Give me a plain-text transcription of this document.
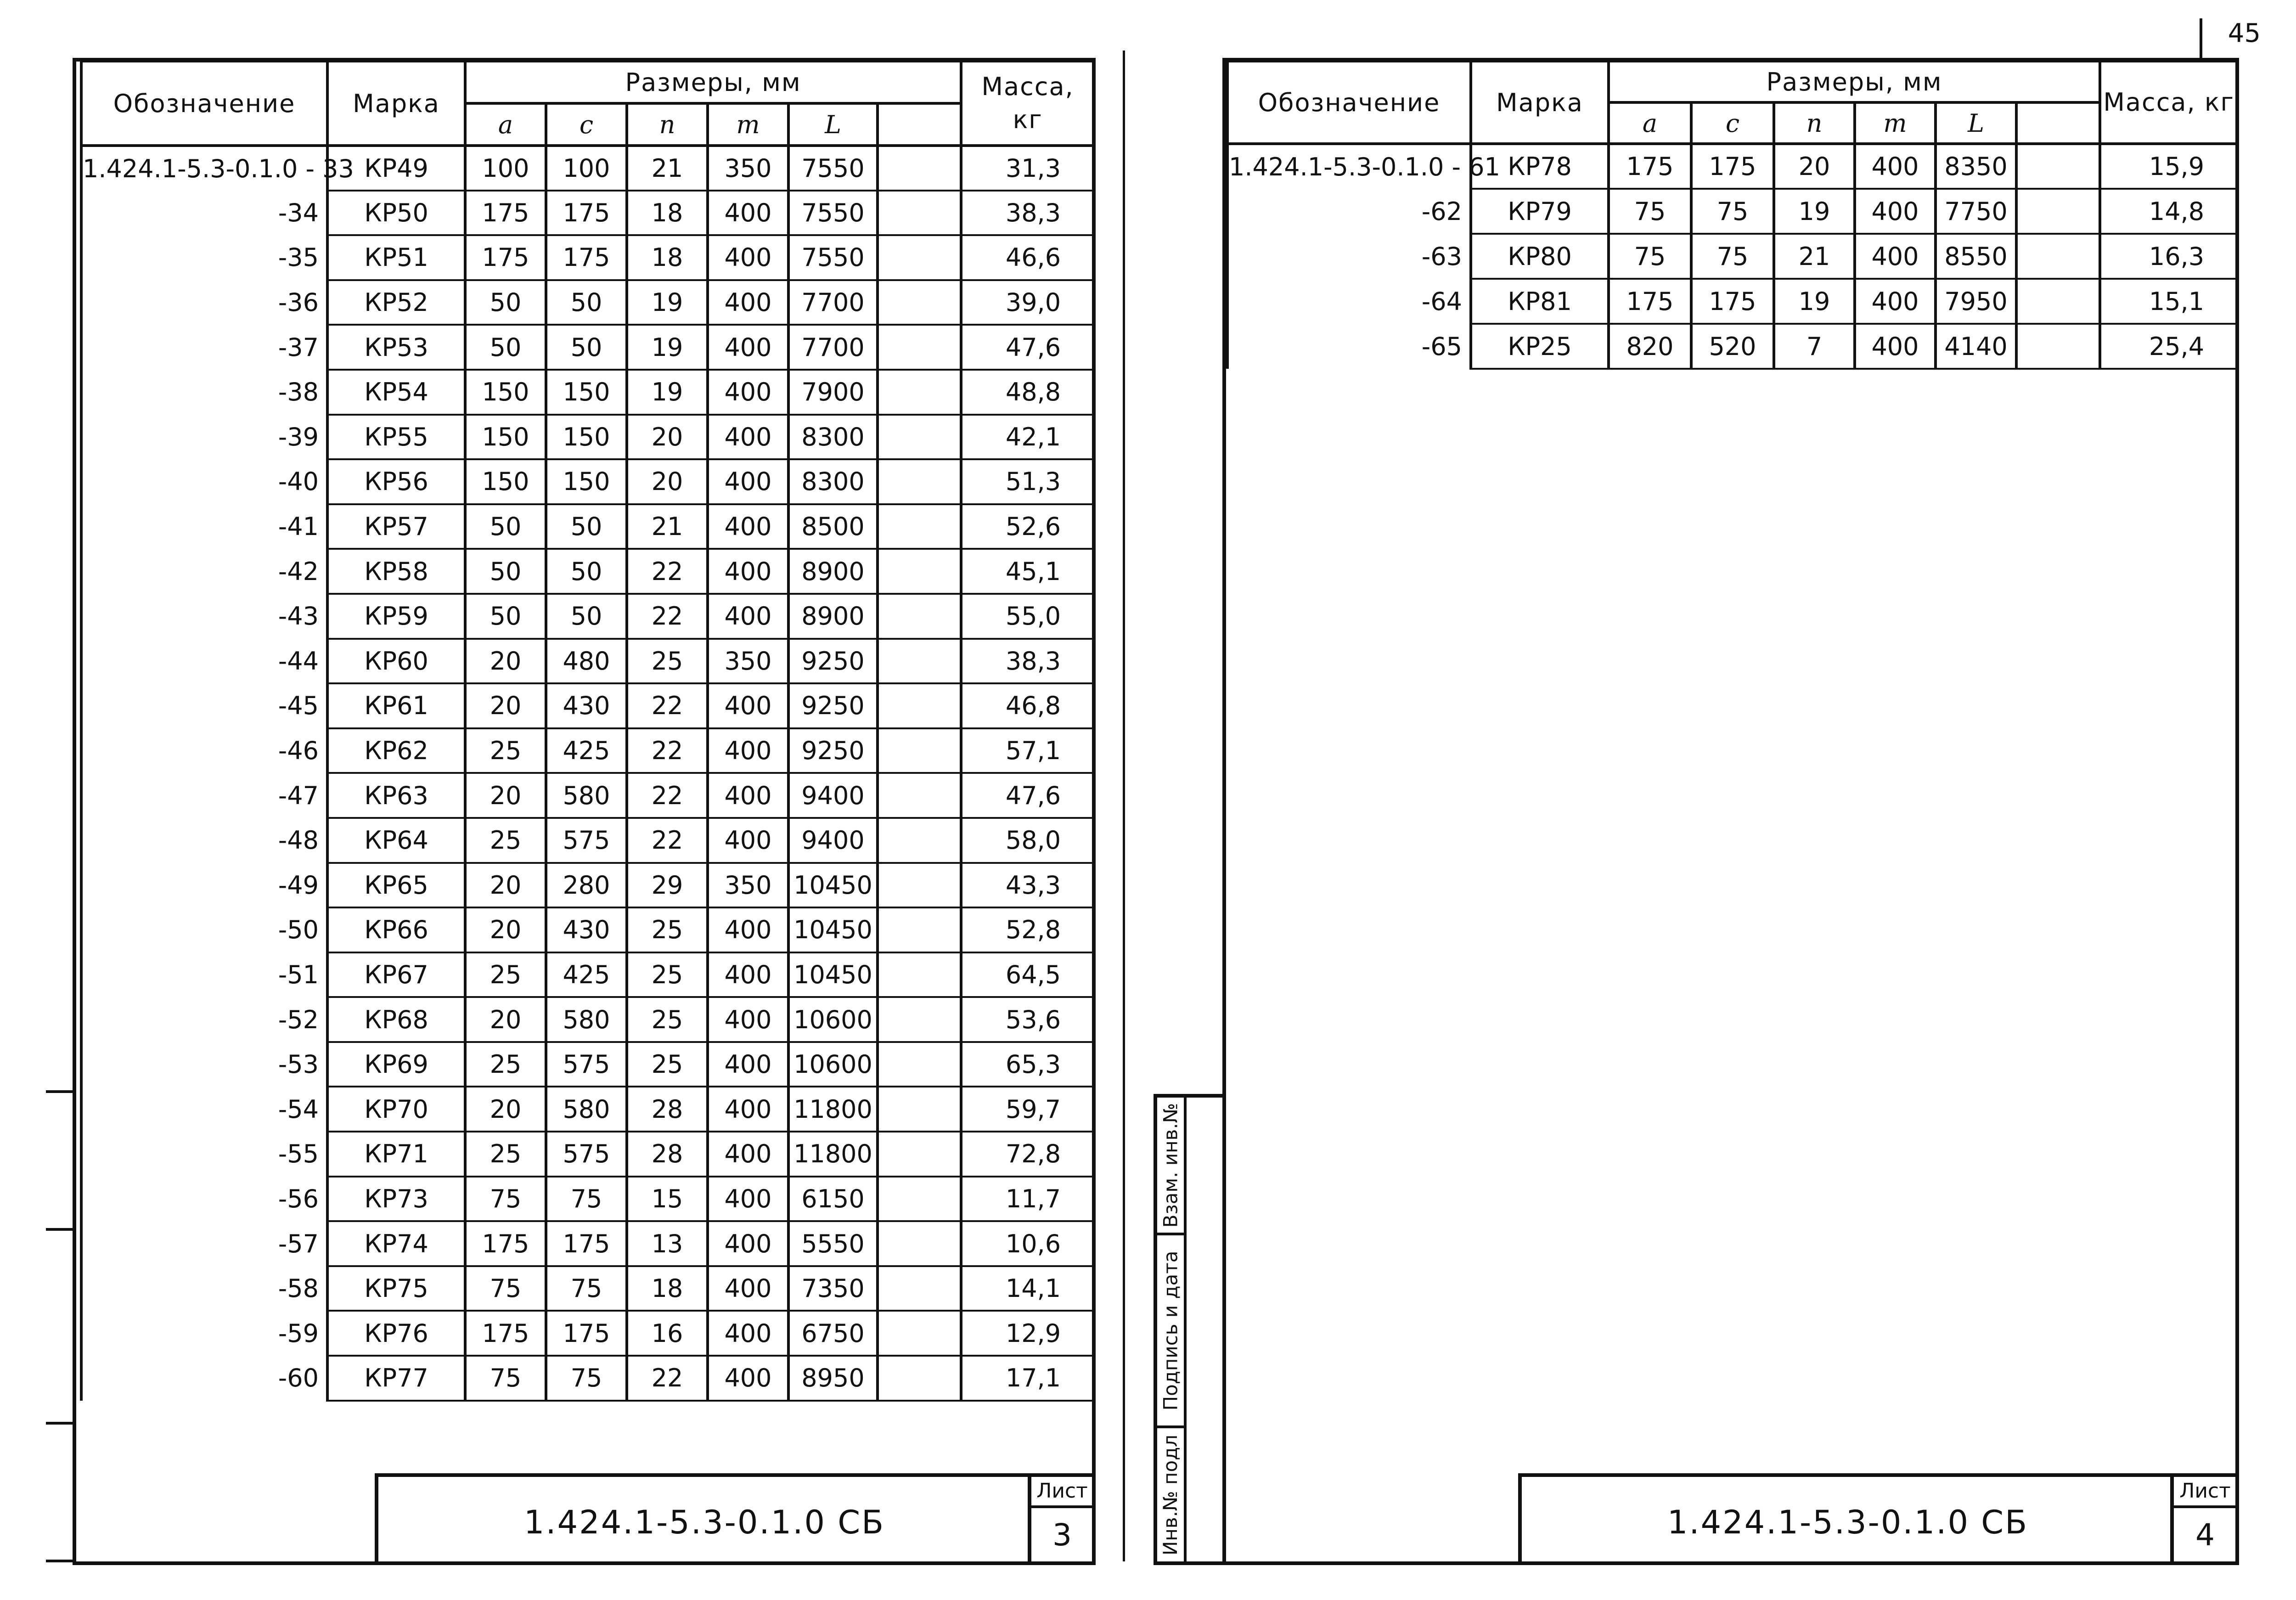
45
Обозначение	Марка	Размеры, мм						Масса, кг
		a	c	n	m	L		
1.424.1-5.3-0.1.0 - 33	КР49	100	100	21	350	7550		31,3
-34	КР50	175	175	18	400	7550		38,3
-35	КР51	175	175	18	400	7550		46,6
-36	КР52	50	50	19	400	7700		39,0
-37	КР53	50	50	19	400	7700		47,6
-38	КР54	150	150	19	400	7900		48,8
-39	КР55	150	150	20	400	8300		42,1
-40	КР56	150	150	20	400	8300		51,3
-41	КР57	50	50	21	400	8500		52,6
-42	КР58	50	50	22	400	8900		45,1
-43	КР59	50	50	22	400	8900		55,0
-44	КР60	20	480	25	350	9250		38,3
-45	КР61	20	430	22	400	9250		46,8
-46	КР62	25	425	22	400	9250		57,1
-47	КР63	20	580	22	400	9400		47,6
-48	КР64	25	575	22	400	9400		58,0
-49	КР65	20	280	29	350	10450		43,3
-50	КР66	20	430	25	400	10450		52,8
-51	КР67	25	425	25	400	10450		64,5
-52	КР68	20	580	25	400	10600		53,6
-53	КР69	25	575	25	400	10600		65,3
-54	КР70	20	580	28	400	11800		59,7
-55	КР71	25	575	28	400	11800		72,8
-56	КР73	75	75	15	400	6150		11,7
-57	КР74	175	175	13	400	5550		10,6
-58	КР75	75	75	18	400	7350		14,1
-59	КР76	175	175	16	400	6750		12,9
-60	КР77	75	75	22	400	8950		17,1
1.424.1-5.3-0.1.0 СБ
Лист
3
Обозначение	Марка	Размеры, мм						Масса, кг
		a	c	n	m	L		
1.424.1-5.3-0.1.0 - 61	КР78	175	175	20	400	8350		15,9
-62	КР79	75	75	19	400	7750		14,8
-63	КР80	75	75	21	400	8550		16,3
-64	КР81	175	175	19	400	7950		15,1
-65	КР25	820	520	7	400	4140		25,4
Взам. инв.№
Подпись и дата
Инв.№ подл	1.424.1-5.3-0.1.0 СБ
Лист
4
